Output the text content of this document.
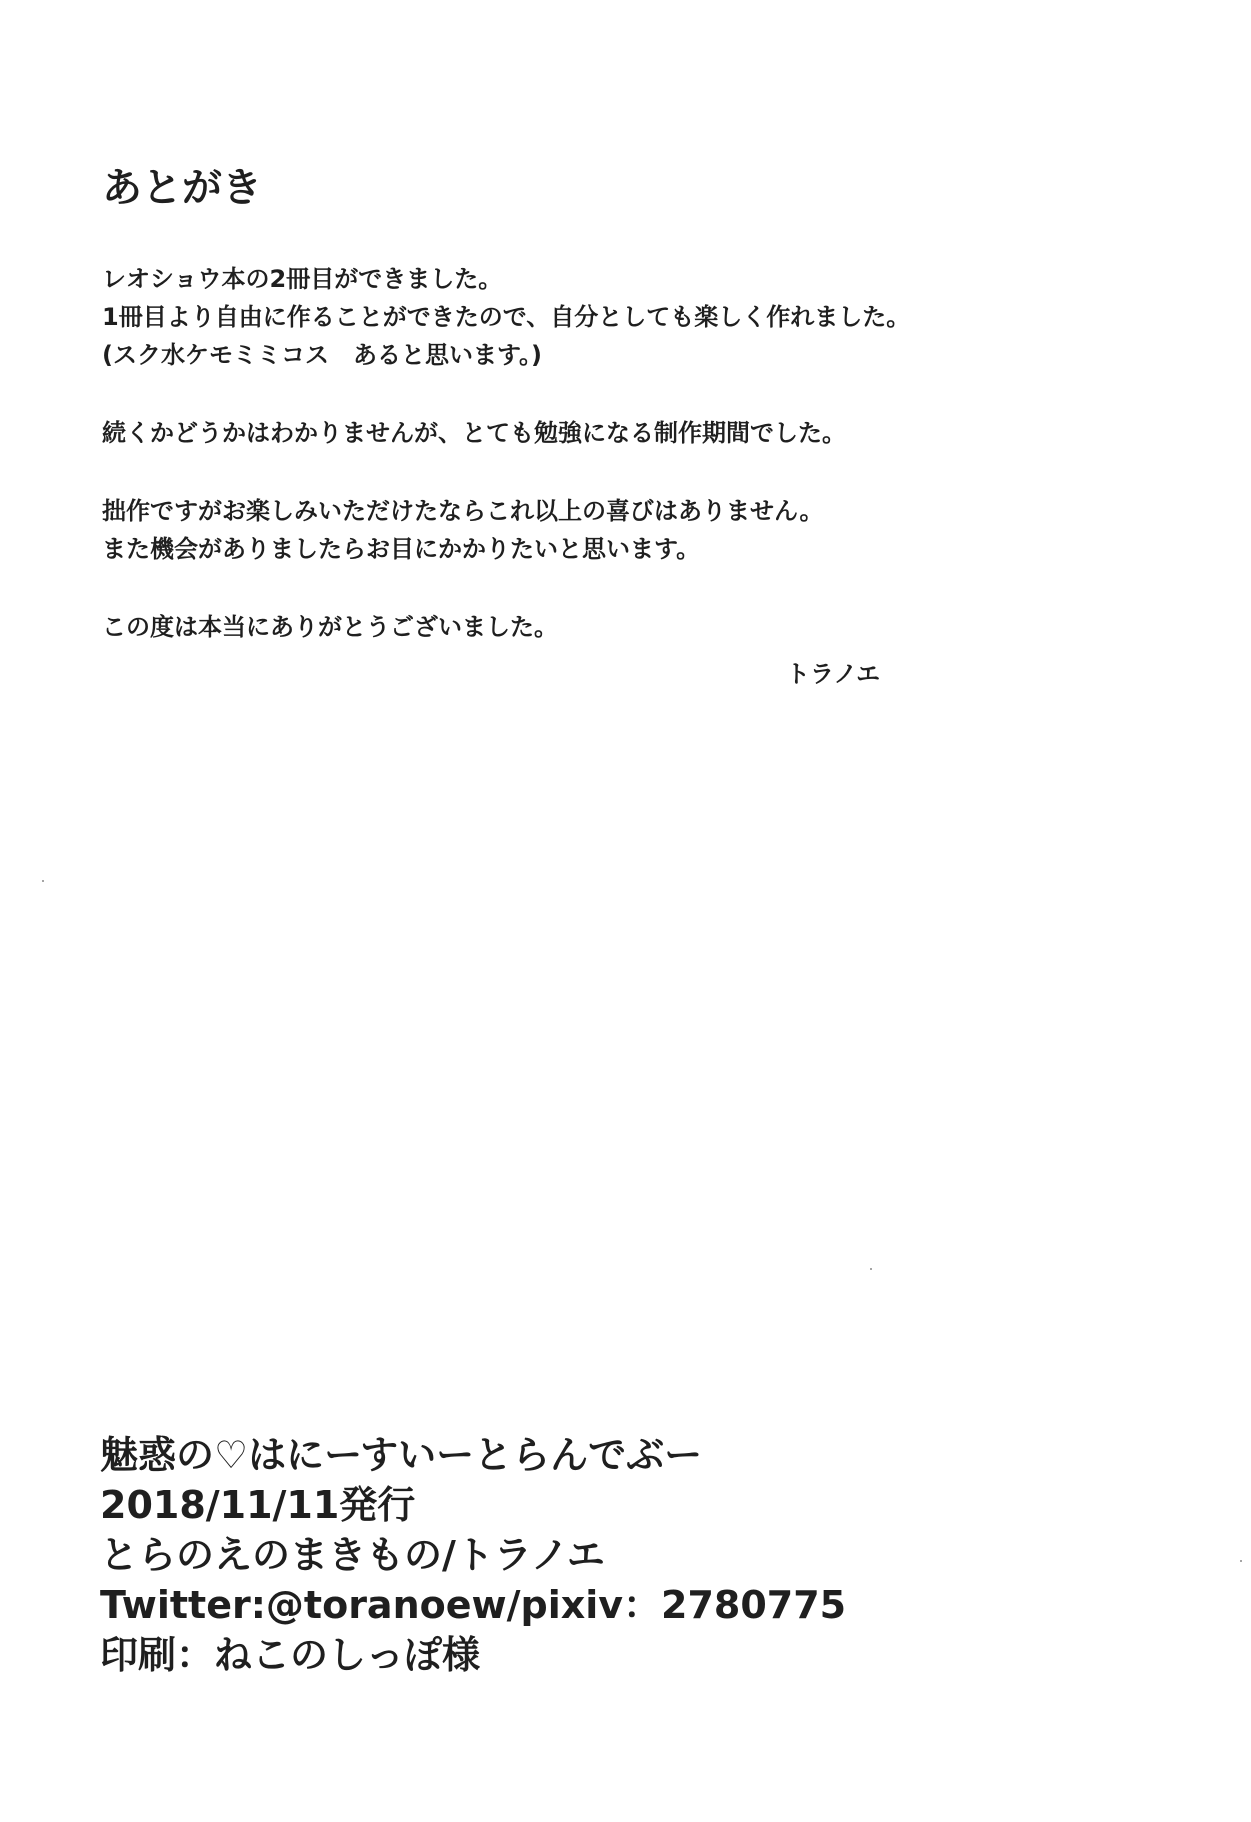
あとがき
レオショウ本の2冊目ができました。
1冊目より自由に作ることができたので、自分としても楽しく作れました。
(スク水ケモミミコス　あると思います。)
続くかどうかはわかりませんが、とても勉強になる制作期間でした。
拙作ですがお楽しみいただけたならこれ以上の喜びはありません。
また機会がありましたらお目にかかりたいと思います。
この度は本当にありがとうございました。
トラノエ
魅惑の♡はにーすいーとらんでぶー
2018/11/11発行
とらのえのまきもの/トラノエ
Twitter:@toranoew/pixiv：2780775
印刷：ねこのしっぽ様
